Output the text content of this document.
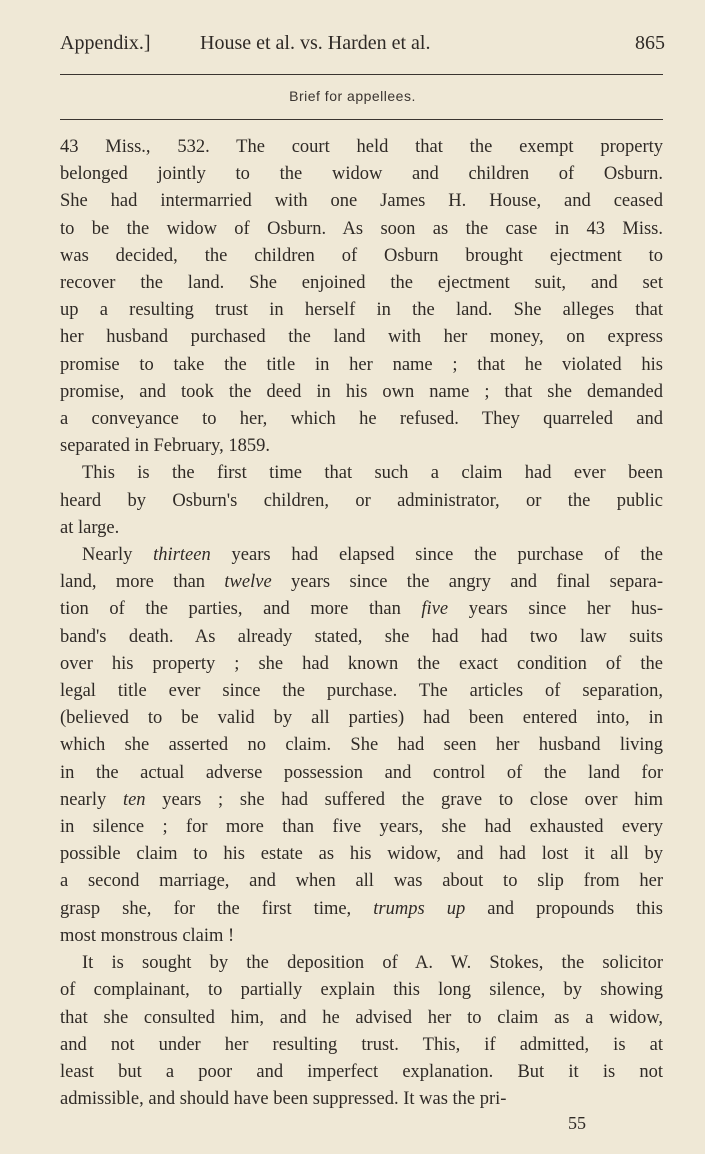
Appendix.] House et al. vs. Harden et al.	865
Brief for appellees.
43 Miss., 532. The court held that the exempt property
belonged jointly to the widow and children of Osburn.
She had intermarried with one James H. House, and ceased
to be the widow of Osburn. As soon as the case in 43 Miss.
was decided, the children of Osburn brought ejectment to
recover the land. She enjoined the ejectment suit, and set
up a resulting trust in herself in the land. She alleges that
her husband purchased the land with her money, on express
promise to take the title in her name ; that he violated his
promise, and took the deed in his own name ; that she demanded
a conveyance to her, which he refused. They quarreled and
separated in February, 1859.
This is the first time that such a claim had ever been
heard by Osburn's children, or administrator, or the public
at large.
Nearly thirteen years had elapsed since the purchase of the
land, more than twelve years since the angry and final separa-
tion of the parties, and more than five years since her hus-
band's death. As already stated, she had had two law suits
over his property ; she had known the exact condition of the
legal title ever since the purchase. The articles of separation,
(believed to be valid by all parties) had been entered into, in
which she asserted no claim. She had seen her husband living
in the actual adverse possession and control of the land for
nearly ten years ; she had suffered the grave to close over him
in silence ; for more than five years, she had exhausted every
possible claim to his estate as his widow, and had lost it all by
a second marriage, and when all was about to slip from her
grasp she, for the first time, trumps up and propounds this
most monstrous claim !
It is sought by the deposition of A. W. Stokes, the solicitor
of complainant, to partially explain this long silence, by showing
that she consulted him, and he advised her to claim as a widow,
and not under her resulting trust. This, if admitted, is at
least but a poor and imperfect explanation. But it is not
admissible, and should have been suppressed. It was the pri-
55
